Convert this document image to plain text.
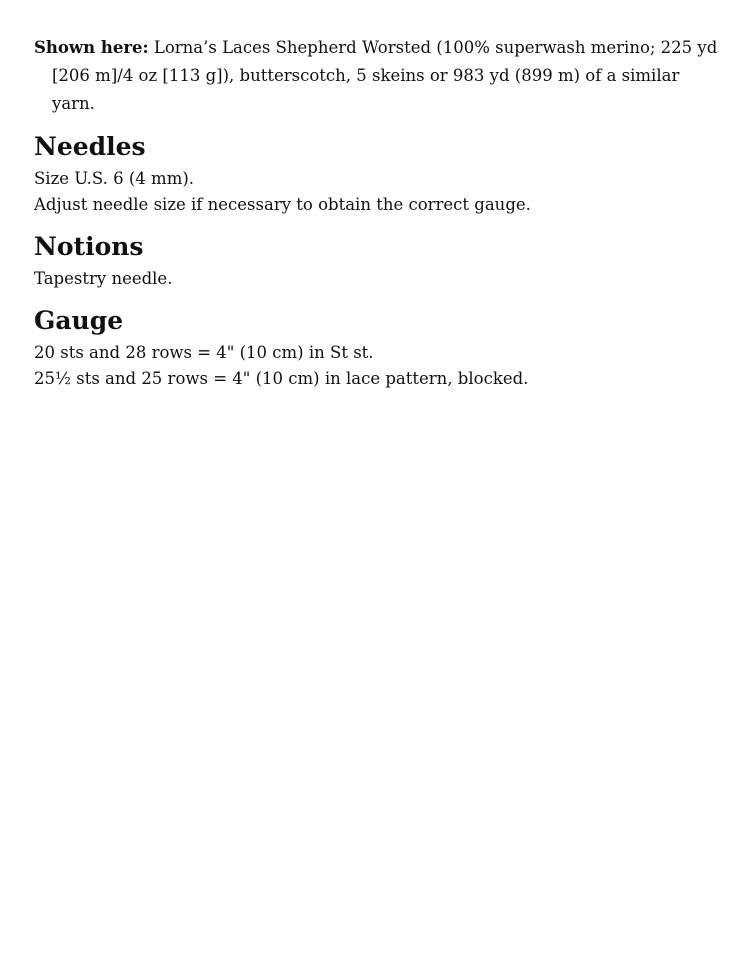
Shown here: Lorna’s Laces Shepherd Worsted (100% superwash merino; 225 yd [206 m]/4 oz [113 g]), butterscotch, 5 skeins or 983 yd (899 m) of a similar yarn.

Needles

Size U.S. 6 (4 mm).

Adjust needle size if necessary to obtain the correct gauge.

Notions

Tapestry needle.

Gauge

20 sts and 28 rows = 4" (10 cm) in St st.

25½ sts and 25 rows = 4" (10 cm) in lace pattern, blocked.
